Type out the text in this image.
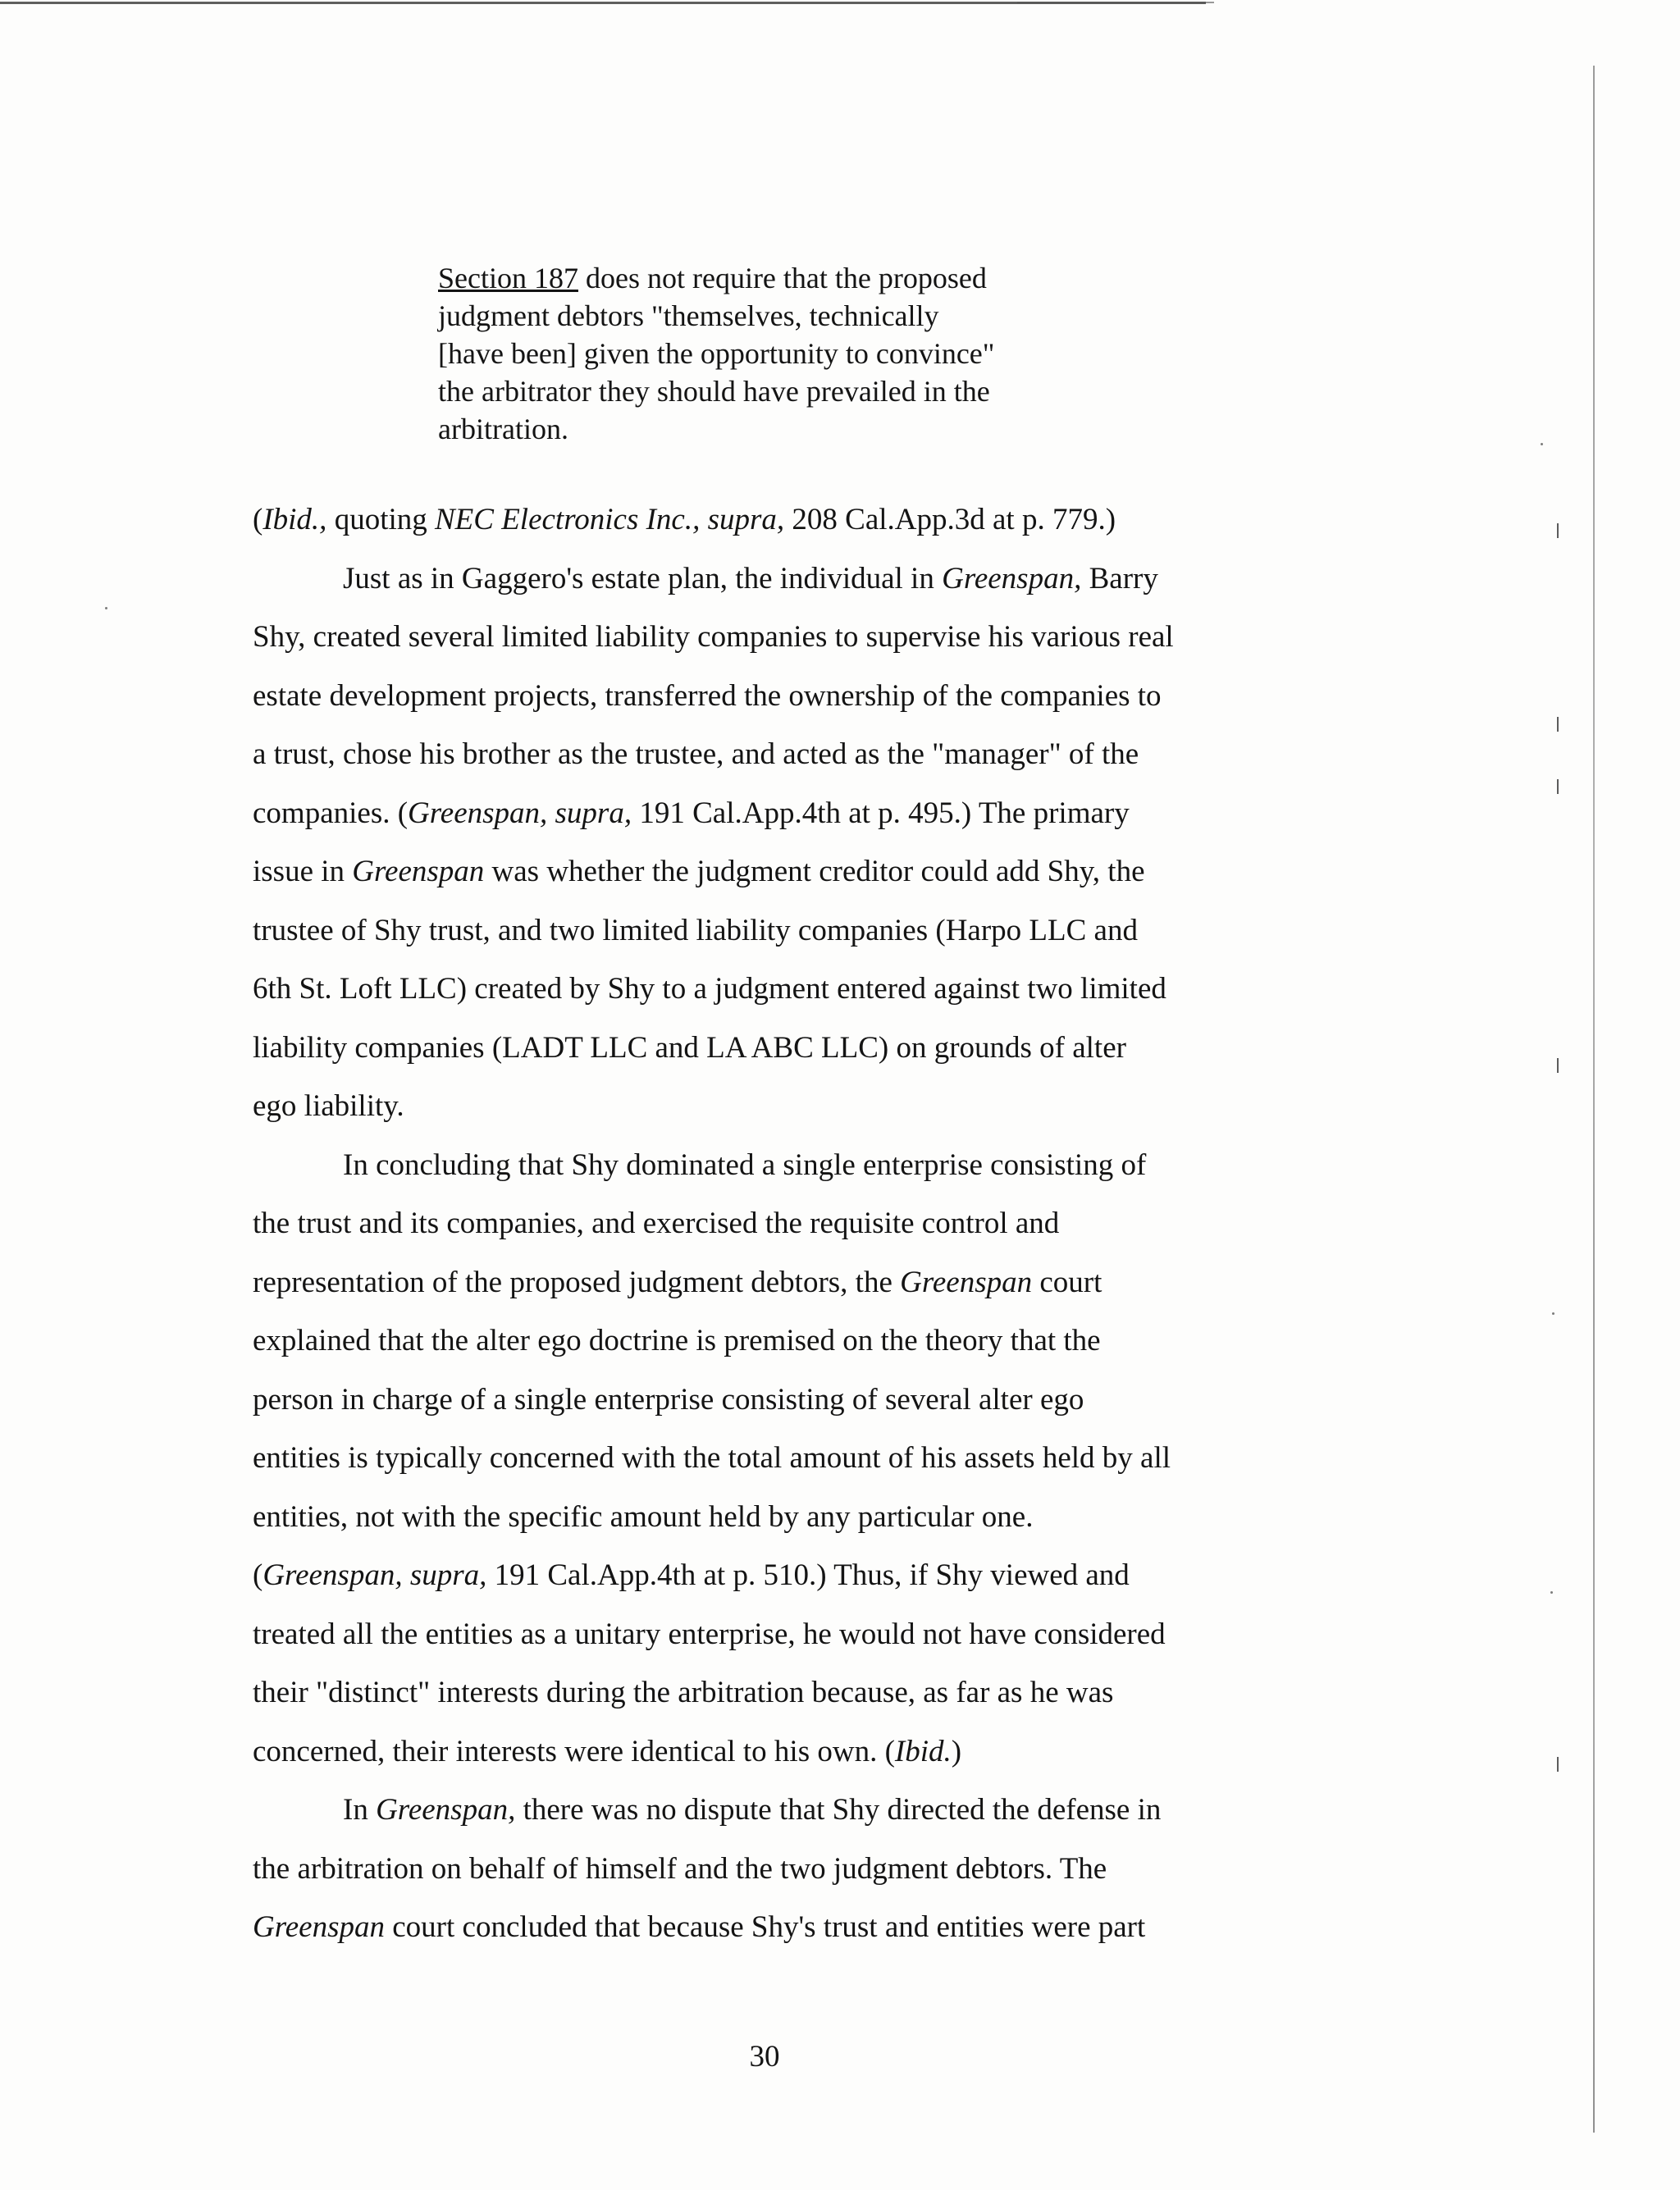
Section 187 does not require that the proposed
judgment debtors "themselves, technically
[have been] given the opportunity to convince"
the arbitrator they should have prevailed in the
arbitration.
(Ibid., quoting NEC Electronics Inc., supra, 208 Cal.App.3d at p. 779.)
Just as in Gaggero's estate plan, the individual in Greenspan, Barry
Shy, created several limited liability companies to supervise his various real
estate development projects, transferred the ownership of the companies to
a trust, chose his brother as the trustee, and acted as the "manager" of the
companies. (Greenspan, supra, 191 Cal.App.4th at p. 495.) The primary
issue in Greenspan was whether the judgment creditor could add Shy, the
trustee of Shy trust, and two limited liability companies (Harpo LLC and
6th St. Loft LLC) created by Shy to a judgment entered against two limited
liability companies (LADT LLC and LA ABC LLC) on grounds of alter
ego liability.
In concluding that Shy dominated a single enterprise consisting of
the trust and its companies, and exercised the requisite control and
representation of the proposed judgment debtors, the Greenspan court
explained that the alter ego doctrine is premised on the theory that the
person in charge of a single enterprise consisting of several alter ego
entities is typically concerned with the total amount of his assets held by all
entities, not with the specific amount held by any particular one.
(Greenspan, supra, 191 Cal.App.4th at p. 510.) Thus, if Shy viewed and
treated all the entities as a unitary enterprise, he would not have considered
their "distinct" interests during the arbitration because, as far as he was
concerned, their interests were identical to his own. (Ibid.)
In Greenspan, there was no dispute that Shy directed the defense in
the arbitration on behalf of himself and the two judgment debtors. The
Greenspan court concluded that because Shy's trust and entities were part
30
